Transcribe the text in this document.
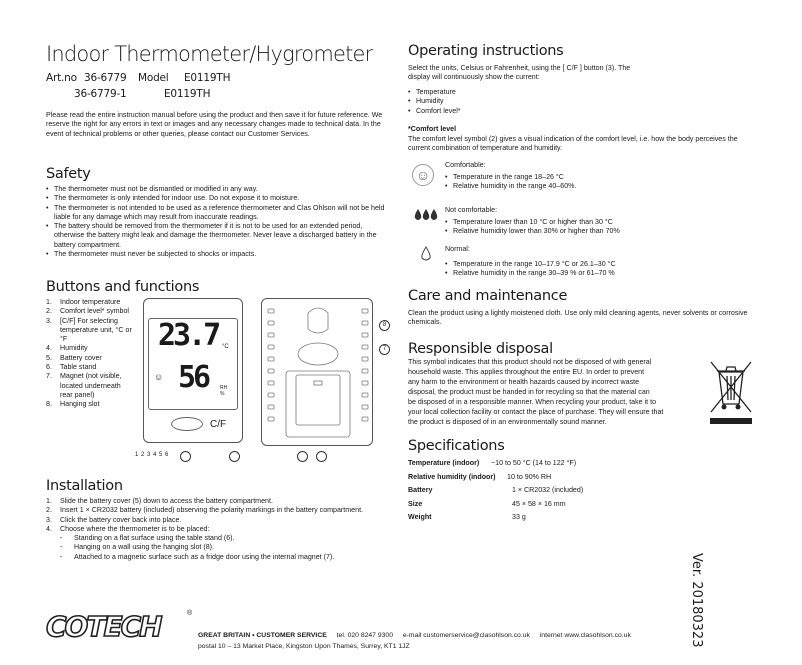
Indoor Thermometer/Hygrometer
Art.no 36-6779 Model E0119TH
36-6779-1	E0119TH

Please read the entire instruction manual before using the product and then save it for future reference. We reserve the right for any errors in text or images and any necessary changes made to technical data. In the event of technical problems or other queries, please contact our Customer Services.

Safety
• The thermometer must not be dismantled or modified in any way.
• The thermometer is only intended for indoor use. Do not expose it to moisture.
• The thermometer is not intended to be used as a reference thermometer and Clas Ohlson will not be held liable for any damage which may result from inaccurate readings.
• The battery should be removed from the thermometer if it is not to be used for an extended period, otherwise the battery might leak and damage the thermometer. Never leave a discharged battery in the battery compartment.
• The thermometer must never be subjected to shocks or impacts.
Buttons and functions
1. Indoor temperature
2. Comfort level* symbol
3. [C/F] For selecting temperature unit, °C or °F
4. Humidity
5. Battery cover
6. Table stand
7. Magnet (not visible, located underneath rear panel)
8. Hanging slot
23.7 °C
☺ 56 RH %
C/F
1 2 3 4 5 6
8
7
Installation
1. Slide the battery cover (5) down to access the battery compartment.
2. Insert 1 × CR2032 battery (included) observing the polarity markings in the battery compartment.
3. Click the battery cover back into place.
4. Choose where the thermometer is to be placed:
- Standing on a flat surface using the table stand (6).
- Hanging on a wall using the hanging slot (8).
- Attached to a magnetic surface such as a fridge door using the internal magnet (7).
Operating instructions

Select the units, Celsius or Fahrenheit, using the [ C/F ] button (3). The display will continuously show the current:

• Temperature
• Humidity
• Comfort level*
*Comfort level

The comfort level symbol (2) gives a visual indication of the comfort level, i.e. how the body perceives the current combination of temperature and humidity.

☺
Comfortable:
• Temperature in the range 18–26 °C
• Relative humidity in the range 40–60%.
Not comfortable:
• Temperature lower than 10 °C or higher than 30 °C
• Relative humidity lower than 30% or higher than 70%
Normal:
• Temperature in the range 10–17.9 °C or 26.1–30 °C
• Relative humidity in the range 30–39 % or 61–70 %
Care and maintenance

Clean the product using a lightly moistened cloth. Use only mild cleaning agents, never solvents or corrosive chemicals.

Responsible disposal
This symbol indicates that this product should not be disposed of with general
household waste. This applies throughout the entire EU. In order to prevent
any harm to the environment or health hazards caused by incorrect waste
disposal, the product must be handed in for recycling so that the material can
be disposed of in a responsible manner. When recycling your product, take it to
your local collection facility or contact the place of purchase. They will ensure that
the product is disposed of in an environmentally sound manner.
Specifications
Temperature (indoor) −10 to 50 °C (14 to 122 °F)
Relative humidity (indoor) 10 to 90% RH
Battery	1 × CR2032 (included)
Size	45 × 58 × 16 mm
Weight	33 g
Ver. 20180323
COTECH	®
GREAT BRITAIN • CUSTOMER SERVICE tel. 020 8247 9300 e-mail customerservice@clasohlson.co.uk internet www.clasohlson.co.uk
postal 10 – 13 Market Place, Kingston Upon Thames, Surrey, KT1 1JZ
